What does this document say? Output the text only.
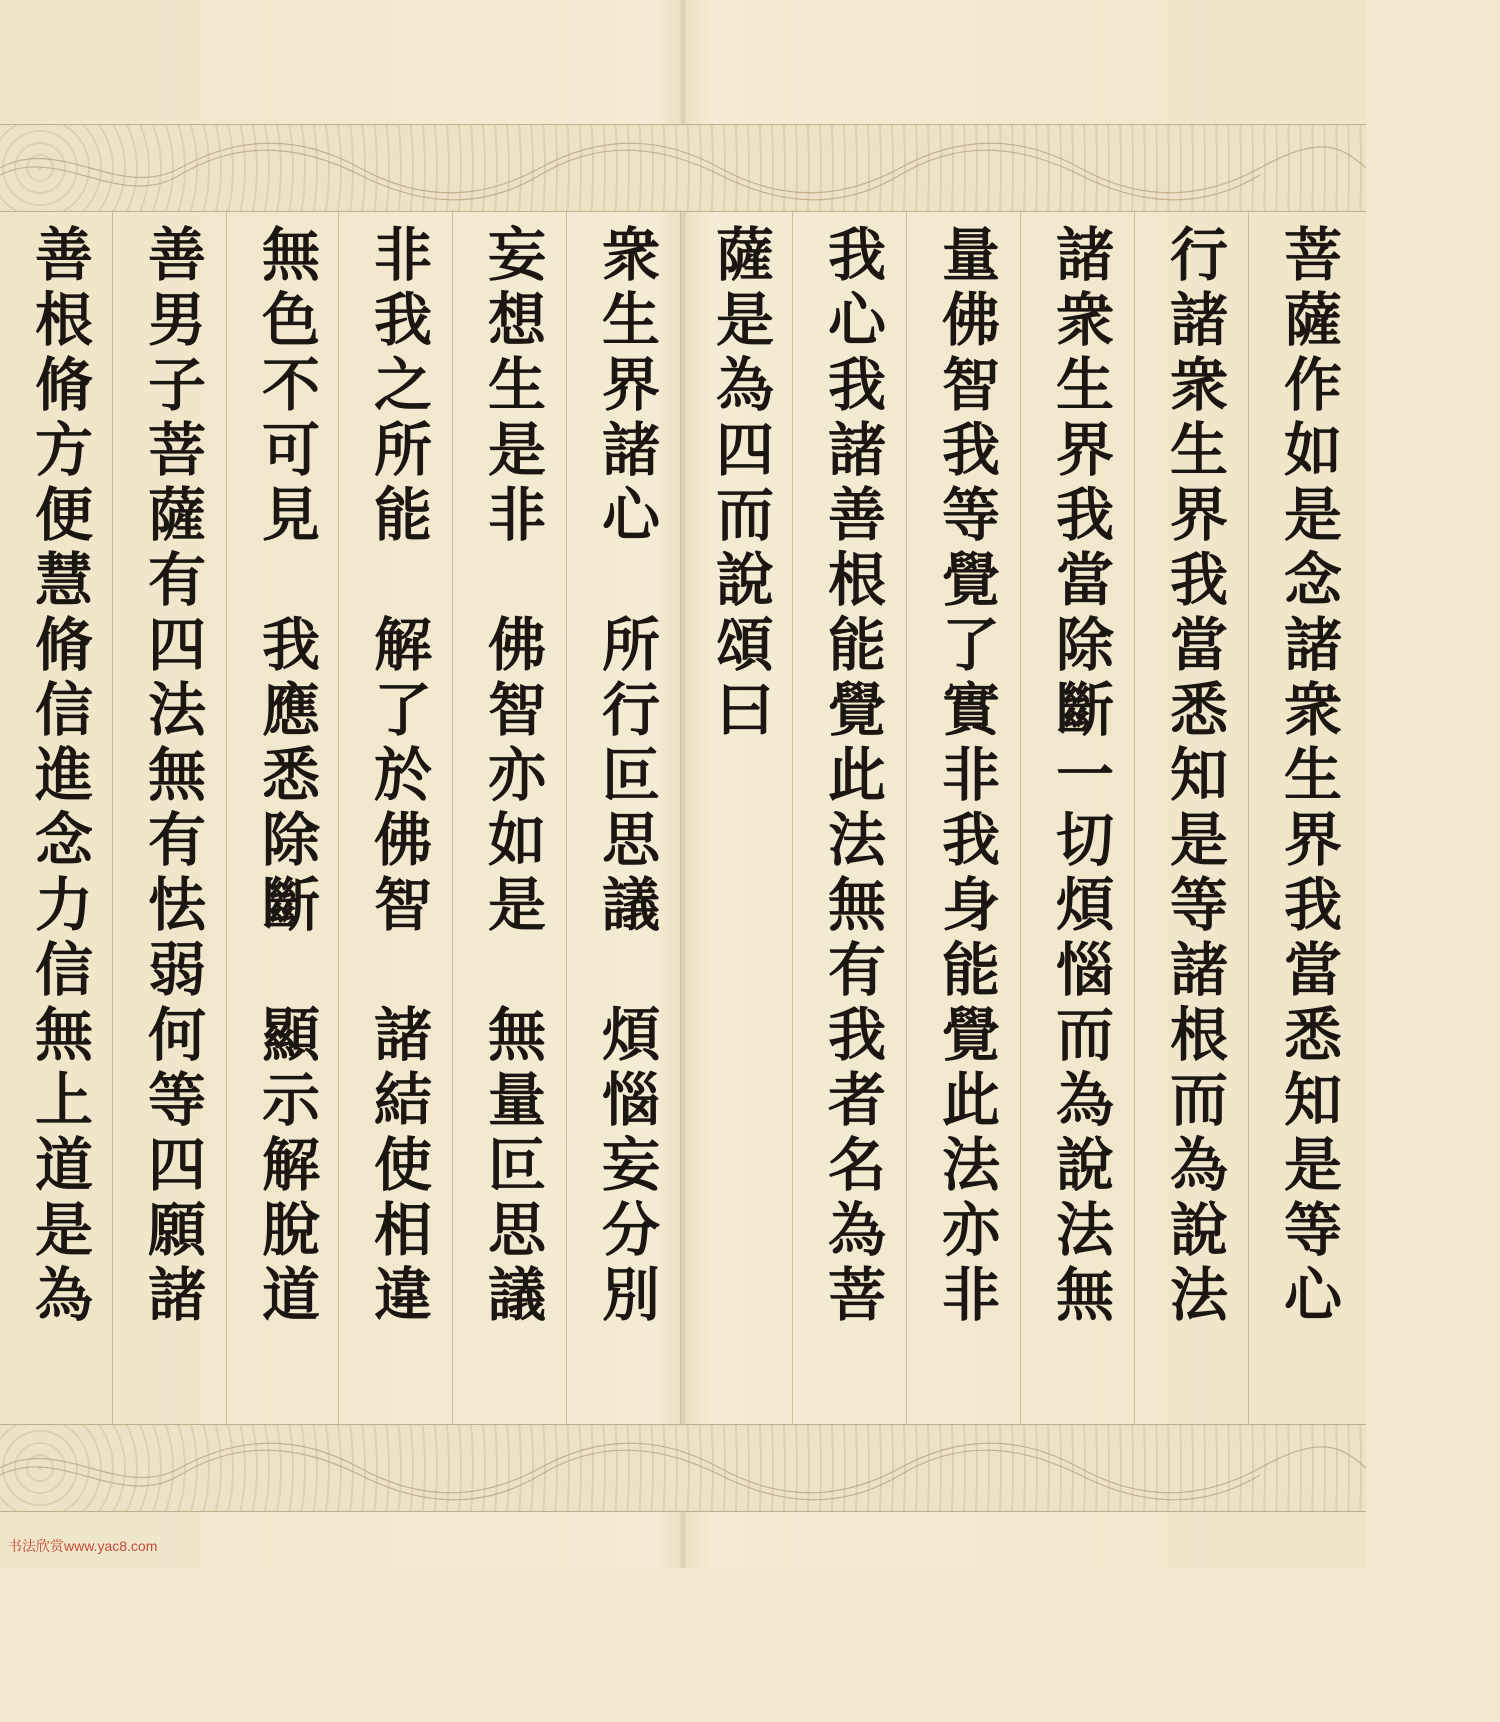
菩薩作如是念諸衆生界我當悉知是等心
行諸衆生界我當悉知是等諸根而為說法
諸衆生界我當除斷一切煩惱而為說法無
量佛智我等覺了實非我身能覺此法亦非
我心我諸善根能覺此法無有我者名為菩
薩是為四而說頌曰
衆生界諸心　所行叵思議　煩惱妄分別
妄想生是非　佛智亦如是　無量叵思議
非我之所能　解了於佛智　諸結使相違
無色不可見　我應悉除斷　顯示解脫道
善男子菩薩有四法無有怯弱何等四願諸
善根脩方便慧脩信進念力信無上道是為
书法欣赏www.yac8.com
